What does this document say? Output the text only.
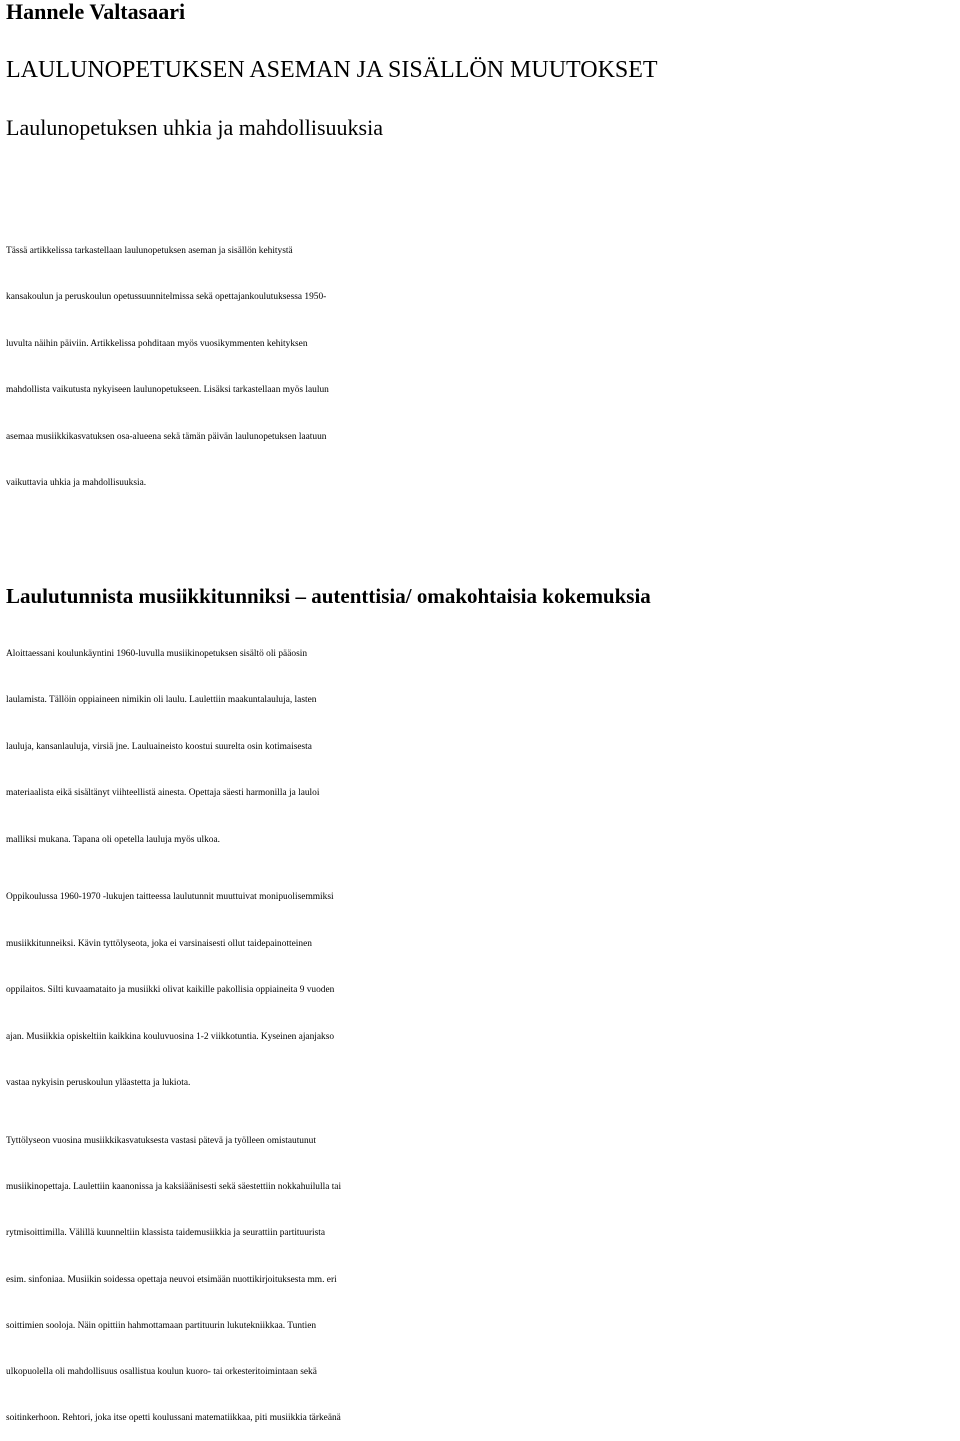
Hannele Valtasaari
LAULUNOPETUKSEN ASEMAN JA SISÄLLÖN MUUTOKSET
Laulunopetuksen uhkia ja mahdollisuuksia
Tässä artikkelissa tarkastellaan laulunopetuksen aseman ja sisällön kehitystä
kansakoulun ja peruskoulun opetussuunnitelmissa sekä opettajankoulutuksessa 1950-
luvulta näihin päiviin. Artikkelissa pohditaan myös vuosikymmenten kehityksen
mahdollista vaikutusta nykyiseen laulunopetukseen. Lisäksi tarkastellaan myös laulun
asemaa musiikkikasvatuksen osa-alueena sekä tämän päivän laulunopetuksen laatuun
vaikuttavia uhkia ja mahdollisuuksia.
Laulutunnista musiikkitunniksi – autenttisia/ omakohtaisia kokemuksia
Aloittaessani koulunkäyntini 1960-luvulla musiikinopetuksen sisältö oli pääosin
laulamista. Tällöin oppiaineen nimikin oli laulu. Laulettiin maakuntalauluja, lasten
lauluja, kansanlauluja, virsiä jne. Lauluaineisto koostui suurelta osin kotimaisesta
materiaalista eikä sisältänyt viihteellistä ainesta. Opettaja säesti harmonilla ja lauloi
malliksi mukana. Tapana oli opetella lauluja myös ulkoa.
Oppikoulussa 1960-1970 -lukujen taitteessa laulutunnit muuttuivat monipuolisemmiksi
musiikkitunneiksi. Kävin tyttölyseota, joka ei varsinaisesti ollut taidepainotteinen
oppilaitos. Silti kuvaamataito ja musiikki olivat kaikille pakollisia oppiaineita 9 vuoden
ajan. Musiikkia opiskeltiin kaikkina kouluvuosina 1-2 viikkotuntia. Kyseinen ajanjakso
vastaa nykyisin peruskoulun yläastetta ja lukiota.
Tyttölyseon vuosina musiikkikasvatuksesta vastasi pätevä ja työlleen omistautunut
musiikinopettaja. Laulettiin kaanonissa ja kaksiäänisesti sekä säestettiin nokkahuilulla tai
rytmisoittimilla. Välillä kuunneltiin klassista taidemusiikkia ja seurattiin partituurista
esim. sinfoniaa. Musiikin soidessa opettaja neuvoi etsimään nuottikirjoituksesta mm. eri
soittimien sooloja. Näin opittiin hahmottamaan partituurin lukutekniikkaa. Tuntien
ulkopuolella oli mahdollisuus osallistua koulun kuoro- tai orkesteritoimintaan sekä
soitinkerhoon. Rehtori, joka itse opetti koulussani matematiikkaa, piti musiikkia tärkeänä
